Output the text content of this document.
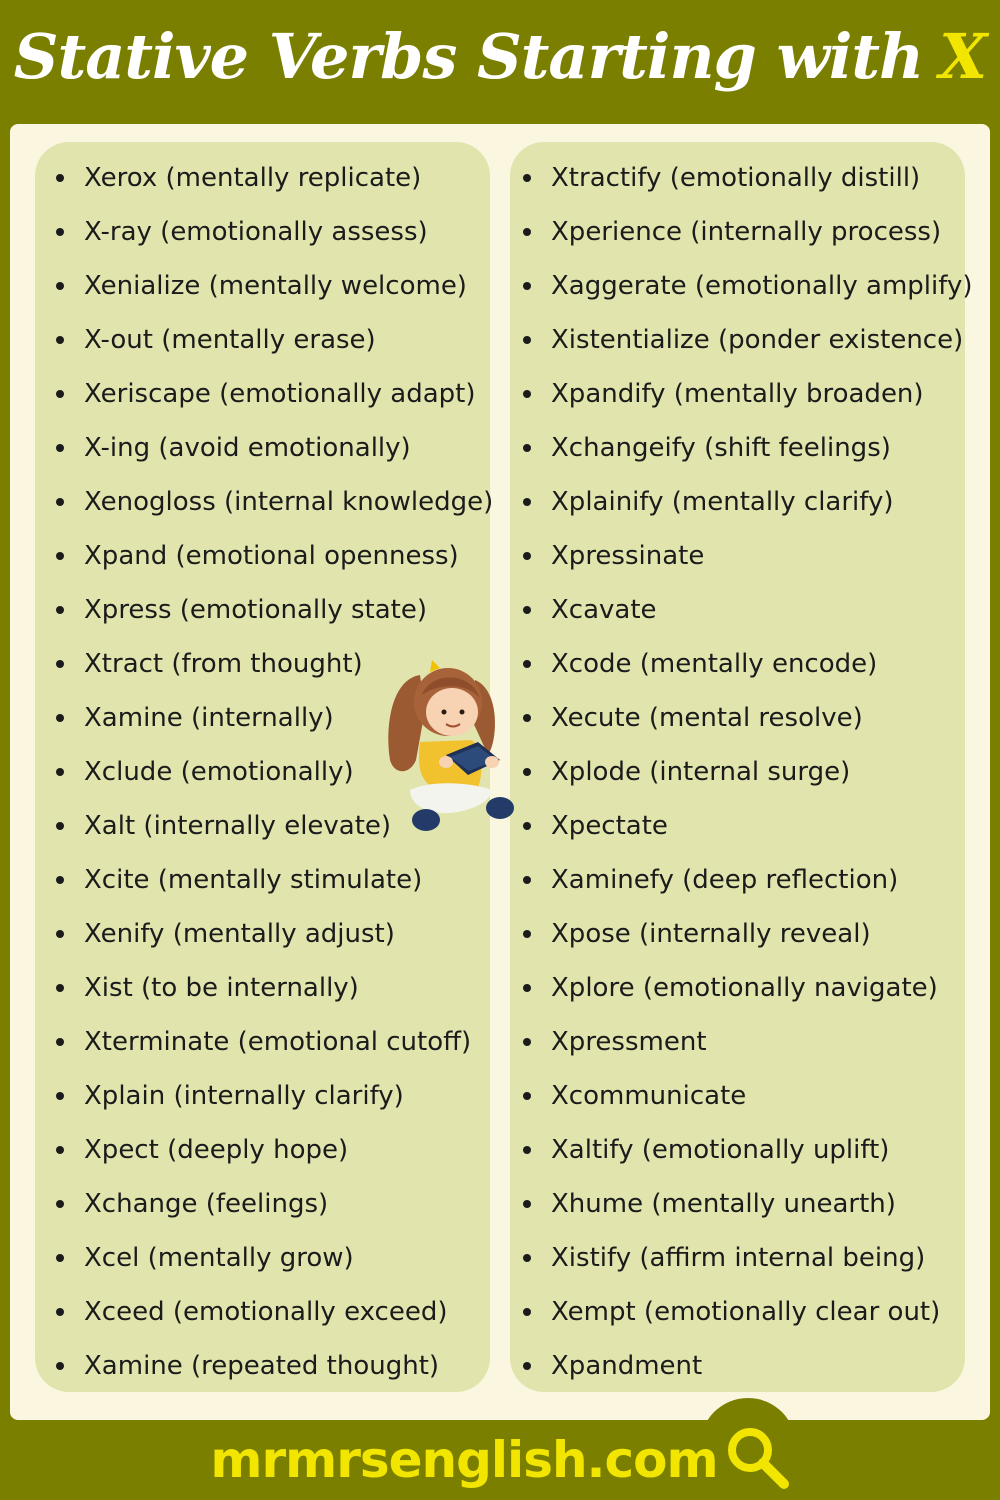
Stative Verbs Starting with X
Xerox (mentally replicate)
X-ray (emotionally assess)
Xenialize (mentally welcome)
X-out (mentally erase)
Xeriscape (emotionally adapt)
X-ing (avoid emotionally)
Xenogloss (internal knowledge)
Xpand (emotional openness)
Xpress (emotionally state)
Xtract (from thought)
Xamine (internally)
Xclude (emotionally)
Xalt (internally elevate)
Xcite (mentally stimulate)
Xenify (mentally adjust)
Xist (to be internally)
Xterminate (emotional cutoff)
Xplain (internally clarify)
Xpect (deeply hope)
Xchange (feelings)
Xcel (mentally grow)
Xceed (emotionally exceed)
Xamine (repeated thought)
Xtractify (emotionally distill)
Xperience (internally process)
Xaggerate (emotionally amplify)
Xistentialize (ponder existence)
Xpandify (mentally broaden)
Xchangeify (shift feelings)
Xplainify (mentally clarify)
Xpressinate
Xcavate
Xcode (mentally encode)
Xecute (mental resolve)
Xplode (internal surge)
Xpectate
Xaminefy (deep reflection)
Xpose (internally reveal)
Xplore (emotionally navigate)
Xpressment
Xcommunicate
Xaltify (emotionally uplift)
Xhume (mentally unearth)
Xistify (affirm internal being)
Xempt (emotionally clear out)
Xpandment
mrmrsenglish.com
